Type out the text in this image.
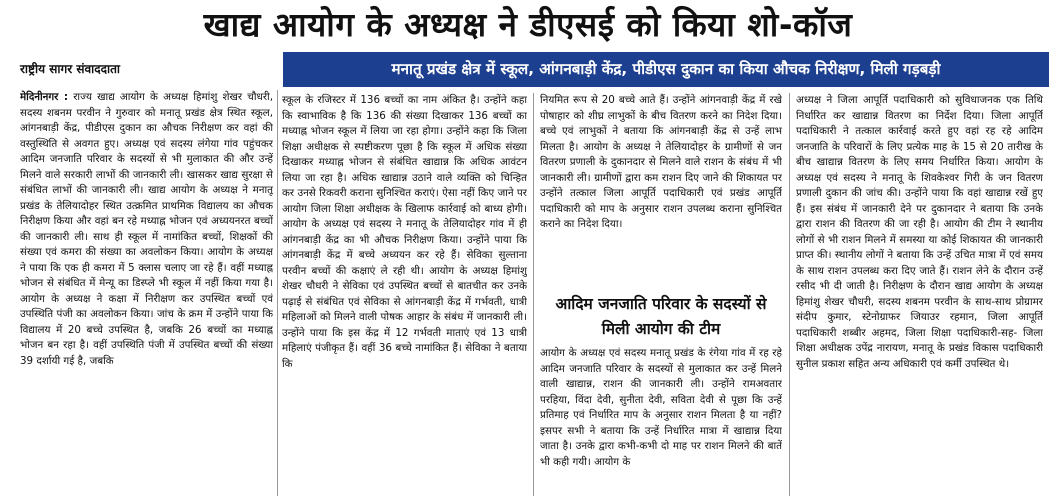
खाद्य आयोग के अध्यक्ष ने डीएसई को किया शो-कॉज
राष्ट्रीय सागर संवाददाता	मनातू प्रखंड क्षेत्र में स्कूल, आंगनबाड़ी केंद्र, पीडीएस दुकान का किया औचक निरीक्षण, मिली गड़बड़ी

मेदिनीनगर : राज्य खाद्य आयोग के अध्यक्ष हिमांशु शेखर चौधरी, सदस्य शबनम परवीन ने गुरुवार को मनातू प्रखंड क्षेत्र स्थित स्कूल, आंगनबाड़ी केंद्र, पीडीएस दुकान का औचक निरीक्षण कर वहां की वस्तुस्थिति से अवगत हुए। अध्यक्ष एवं सदस्य लंगेया गांव पहुंचकर आदिम जनजाति परिवार के सदस्यों से भी मुलाकात की और उन्हें मिलने वाले सरकारी लाभों की जानकारी ली। खासकर खाद्य सुरक्षा से संबंधित लाभों की जानकारी ली। खाद्य आयोग के अध्यक्ष ने मनातू प्रखंड के तेलियादोहर स्थित उत्क्रमित प्राथमिक विद्यालय का औचक निरीक्षण किया और वहां बन रहे मध्याह्न भोजन एवं अध्ययनरत बच्चों की जानकारी ली। साथ ही स्कूल में नामांकित बच्चों, शिक्षकों की संख्या एवं कमरा की संख्या का अवलोकन किया। आयोग के अध्यक्ष ने पाया कि एक ही कमरा में 5 क्लास चलाए जा रहे हैं। वहीं मध्याह्न भोजन से संबंधित में मेन्यू का डिस्प्ले भी स्कूल में नहीं किया गया है। आयोग के अध्यक्ष ने कक्षा में निरीक्षण कर उपस्थित बच्चों एवं उपस्थिति पंजी का अवलोकन किया। जांच के क्रम में उन्होंने पाया कि विद्यालय में 20 बच्चे उपस्थित है, जबकि 26 बच्चों का मध्याह्न भोजन बन रहा है। वहीं उपस्थिति पंजी में उपस्थित बच्चों की संख्या 39 दर्शायी गई है, जबकि

स्कूल के रजिस्टर में 136 बच्चों का नाम अंकित है। उन्होंने कहा कि स्वाभाविक है कि 136 की संख्या दिखाकर 136 बच्चों का मध्याह्न भोजन स्कूल में लिया जा रहा होगा। उन्होंने कहा कि जिला शिक्षा अधीक्षक से स्पष्टीकरण पूछा है कि स्कूल में अधिक संख्या दिखाकर मध्याह्न भोजन से संबंधित खाद्यान्न कि अधिक आवंटन लिया जा रहा है। अधिक खाद्यान्न उठाने वाले व्यक्ति को चिन्हित कर उनसे रिकवरी कराना सुनिश्चित कराएं। ऐसा नहीं किए जाने पर आयोग जिला शिक्षा अधीक्षक के खिलाफ कार्रवाई को बाध्य होगी। आयोग के अध्यक्ष एवं सदस्य ने मनातू के तेलियादोहर गांव में ही आंगनबाड़ी केंद्र का भी औचक निरीक्षण किया। उन्होंने पाया कि आंगनबाड़ी केंद्र में बच्चे अध्ययन कर रहे हैं। सेविका सुल्ताना परवीन बच्चों की कक्षाएं ले रही थी। आयोग के अध्यक्ष हिमांशु शेखर चौधरी ने सेविका एवं उपस्थित बच्चों से बातचीत कर उनके पढ़ाई से संबंधित एवं सेविका से आंगनबाड़ी केंद्र में गर्भवती, धात्री महिलाओं को मिलने वाली पोषक आहार के संबंध में जानकारी ली। उन्होंने पाया कि इस केंद्र में 12 गर्भवती माताएं एवं 13 धात्री महिलाएं पंजीकृत हैं। वहीं 36 बच्चे नामांकित हैं। सेविका ने बताया कि

नियमित रूप से 20 बच्चे आते हैं। उन्होंने आंगनवाड़ी केंद्र में रखे पोषाहार को शीघ्र लाभुकों के बीच वितरण करने का निदेश दिया। बच्चे एवं लाभुकों ने बताया कि आंगनबाड़ी केंद्र से उन्हें लाभ मिलता है। आयोग के अध्यक्ष ने तेलियादोहर के ग्रामीणों से जन वितरण प्रणाली के दुकानदार से मिलने वाले राशन के संबंध में भी जानकारी ली। ग्रामीणों द्वारा कम राशन दिए जाने की शिकायत पर उन्होंने तत्काल जिला आपूर्ति पदाधिकारी एवं प्रखंड आपूर्ति पदाधिकारी को माप के अनुसार राशन उपलब्ध कराना सुनिश्चित कराने का निदेश दिया।

आदिम जनजाति परिवार के सदस्यों से मिली आयोग की टीम

आयोग के अध्यक्ष एवं सदस्य मनातू प्रखंड के रंगेया गांव में रह रहे आदिम जनजाति परिवार के सदस्यों से मुलाकात कर उन्हें मिलने वाली खाद्यान्न, राशन की जानकारी ली। उन्होंने रामअवतार परहिया, विंदा देवी, सुनीता देवी, सविता देवी से पूछा कि उन्हें प्रतिमाह एवं निर्धारित माप के अनुसार राशन मिलता है या नहीं? इसपर सभी ने बताया कि उन्हें निर्धारित मात्रा में खाद्यान्न दिया जाता है। उनके द्वारा कभी-कभी दो माह पर राशन मिलने की बातें भी कही गयी। आयोग के

अध्यक्ष ने जिला आपूर्ति पदाधिकारी को सुविधाजनक एक तिथि निर्धारित कर खाद्यान्न वितरण का निर्देश दिया। जिला आपूर्ति पदाधिकारी ने तत्काल कार्रवाई करते हुए वहां रह रहे आदिम जनजाति के परिवारों के लिए प्रत्येक माह के 15 से 20 तारीख के बीच खाद्यान्न वितरण के लिए समय निर्धारित किया। आयोग के अध्यक्ष एवं सदस्य ने मनातू के शिवकेश्वर गिरी के जन वितरण प्रणाली दुकान की जांच की। उन्होंने पाया कि वहां खाद्यान्न रखें हुए हैं। इस संबंध में जानकारी देने पर दुकानदार ने बताया कि उनके द्वारा राशन की वितरण की जा रही है। आयोग की टीम ने स्थानीय लोगों से भी राशन मिलने में समस्या या कोई शिकायत की जानकारी प्राप्त की। स्थानीय लोगों ने बताया कि उन्हें उचित मात्रा में एवं समय के साथ राशन उपलब्ध करा दिए जाते हैं। राशन लेने के दौरान उन्हें रसीद भी दी जाती है। निरीक्षण के दौरान खाद्य आयोग के अध्यक्ष हिमांशु शेखर चौधरी, सदस्य शबनम परवीन के साथ-साथ प्रोग्रामर संदीप कुमार, स्टेनोग्राफर जियाउर रहमान, जिला आपूर्ति पदाधिकारी शब्बीर अहमद, जिला शिक्षा पदाधिकारी-सह- जिला शिक्षा अधीक्षक उपेंद्र नारायण, मनातू के प्रखंड विकास पदाधिकारी सुनील प्रकाश सहित अन्य अधिकारी एवं कर्मी उपस्थित थे।
